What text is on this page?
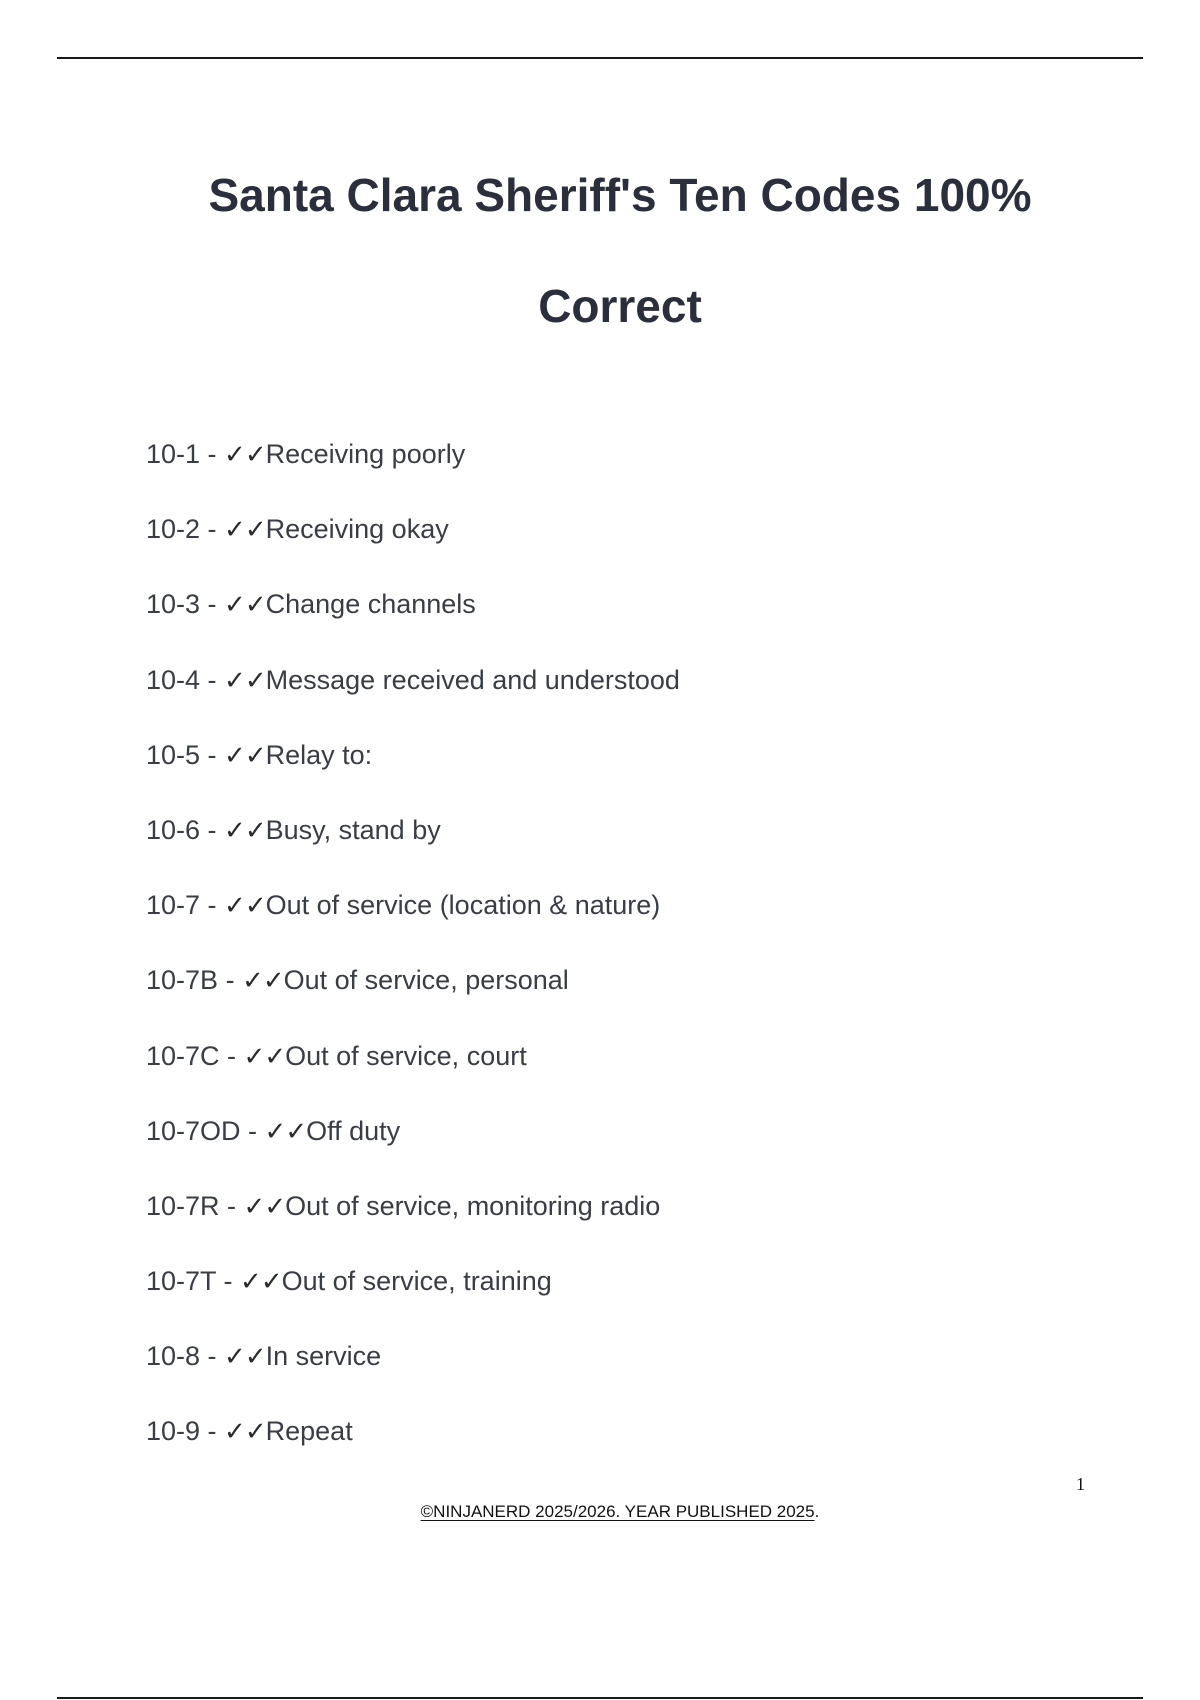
Santa Clara Sheriff's Ten Codes 100%
Correct
10-1 - ✓✓Receiving poorly
10-2 - ✓✓Receiving okay
10-3 - ✓✓Change channels
10-4 - ✓✓Message received and understood
10-5 - ✓✓Relay to:
10-6 - ✓✓Busy, stand by
10-7 - ✓✓Out of service (location & nature)
10-7B - ✓✓Out of service, personal
10-7C - ✓✓Out of service, court
10-7OD - ✓✓Off duty
10-7R - ✓✓Out of service, monitoring radio
10-7T - ✓✓Out of service, training
10-8 - ✓✓In service
10-9 - ✓✓Repeat
1
©NINJANERD 2025/2026. YEAR PUBLISHED 2025.
